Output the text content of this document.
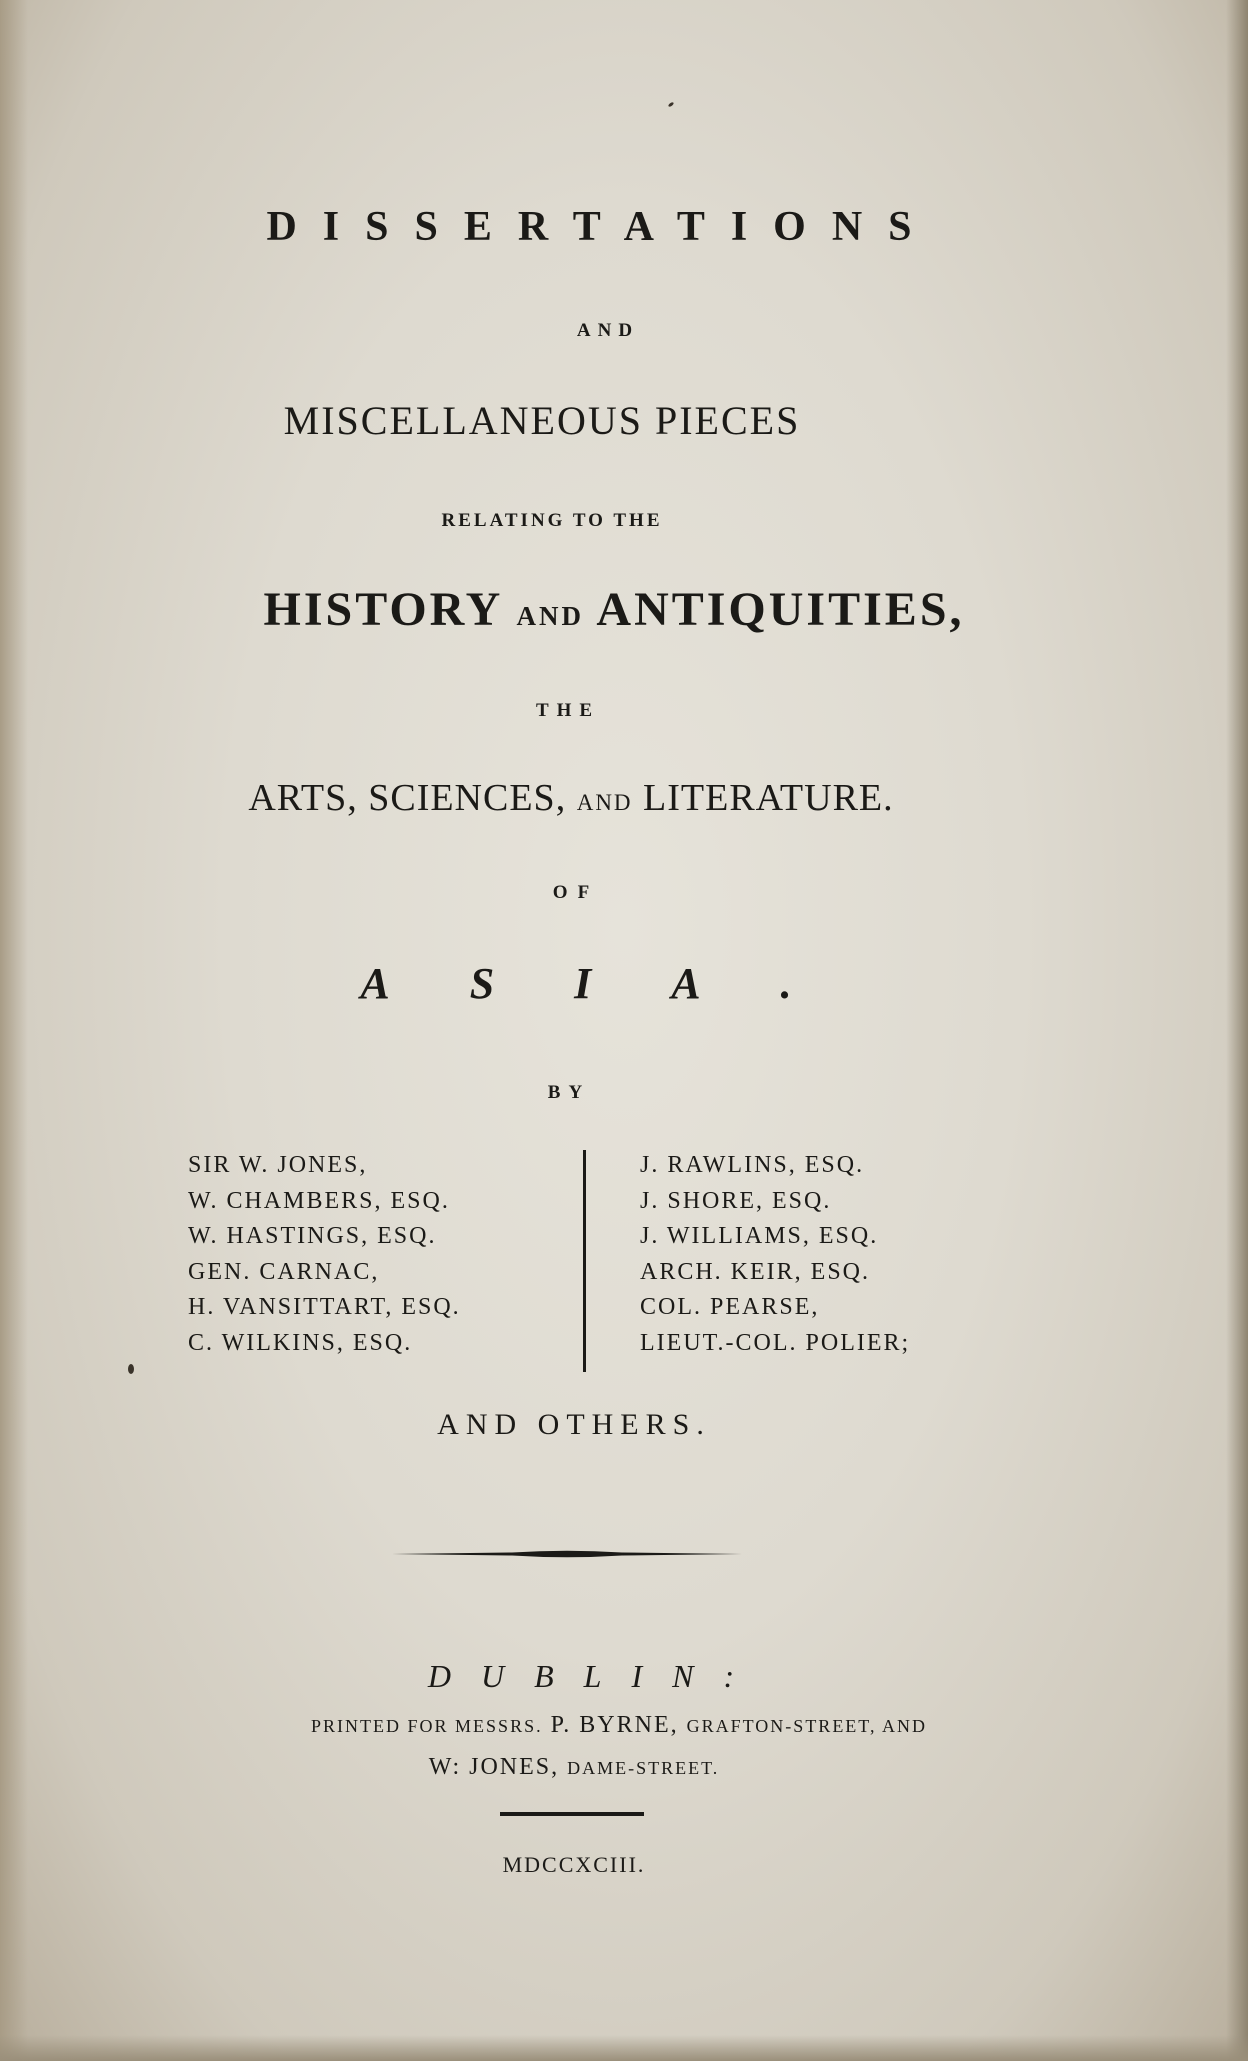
DISSERTATIONS

AND

MISCELLANEOUS PIECES

RELATING TO THE

HISTORY AND ANTIQUITIES,

THE

ARTS, SCIENCES, AND LITERATURE.

OF

ASIA.

BY

SIR W. JONES,
W. CHAMBERS, ESQ.
W. HASTINGS, ESQ.
GEN. CARNAC,
H. VANSITTART, ESQ.
C. WILKINS, ESQ.
J. RAWLINS, ESQ.
J. SHORE, ESQ.
J. WILLIAMS, ESQ.
ARCH. KEIR, ESQ.
COL. PEARSE,
LIEUT.-COL. POLIER;

AND OTHERS.

DUBLIN:

PRINTED FOR MESSRS. P. BYRNE, GRAFTON-STREET, AND

W: JONES, DAME-STREET.

MDCCXCIII.
